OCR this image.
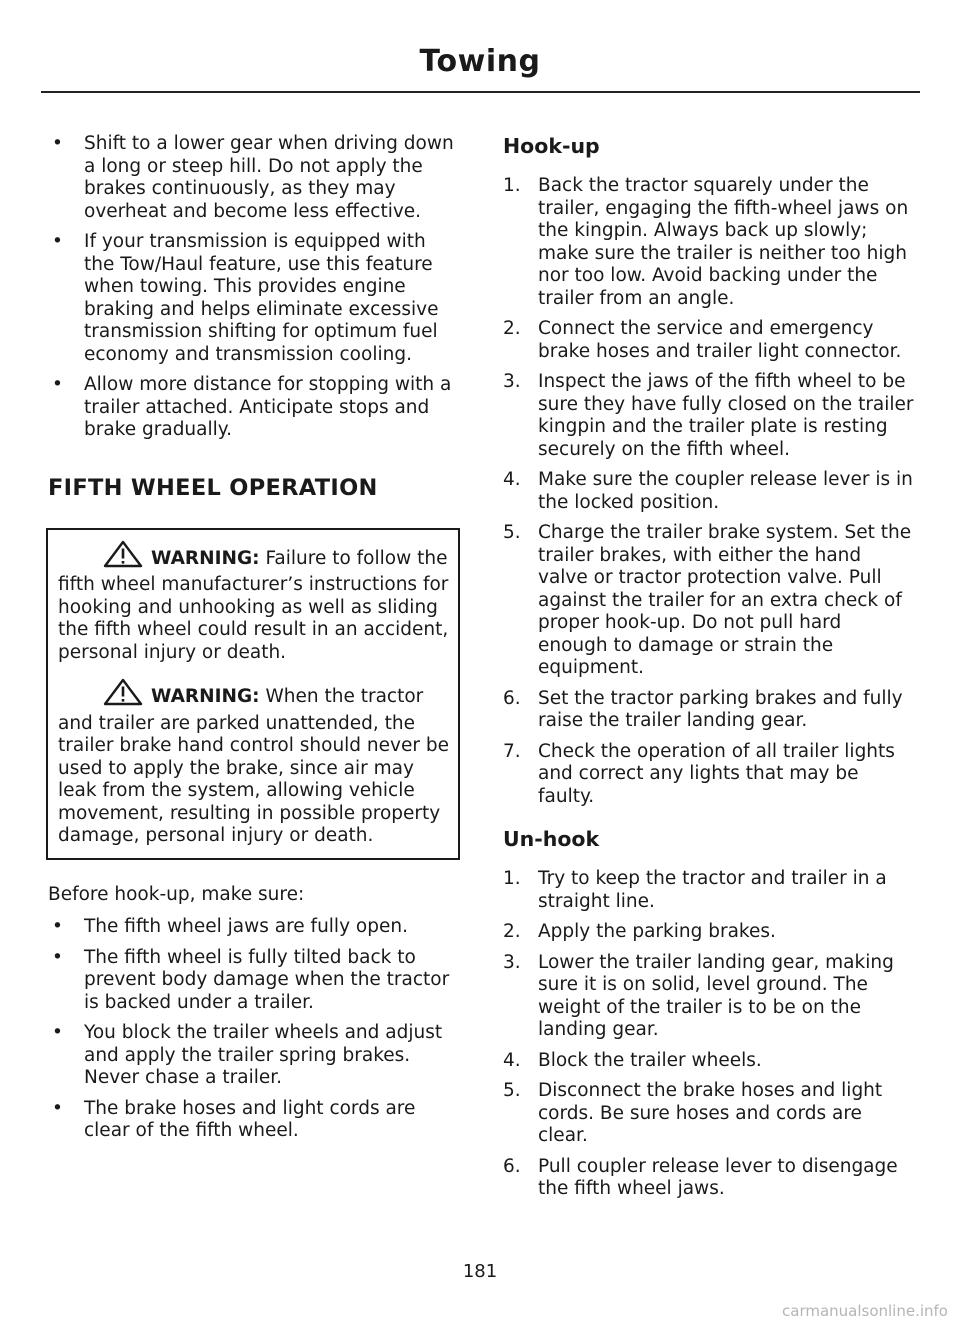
Towing
• Shift to a lower gear when driving down a long or steep hill. Do not apply the brakes continuously, as they may overheat and become less effective.
• If your transmission is equipped with the Tow/Haul feature, use this feature when towing. This provides engine braking and helps eliminate excessive transmission shifting for optimum fuel economy and transmission cooling.
• Allow more distance for stopping with a trailer attached. Anticipate stops and brake gradually.
FIFTH WHEEL OPERATION

WARNING: Failure to follow the fifth wheel manufacturer’s instructions for hooking and unhooking as well as sliding the fifth wheel could result in an accident, personal injury or death.

WARNING: When the tractor and trailer are parked unattended, the trailer brake hand control should never be used to apply the brake, since air may leak from the system, allowing vehicle movement, resulting in possible property damage, personal injury or death.

Before hook-up, make sure:

• The fifth wheel jaws are fully open.
• The fifth wheel is fully tilted back to prevent body damage when the tractor is backed under a trailer.
• You block the trailer wheels and adjust and apply the trailer spring brakes. Never chase a trailer.
• The brake hoses and light cords are clear of the fifth wheel.
Hook-up
1. Back the tractor squarely under the trailer, engaging the fifth-wheel jaws on the kingpin. Always back up slowly; make sure the trailer is neither too high nor too low. Avoid backing under the trailer from an angle.
2. Connect the service and emergency brake hoses and trailer light connector.
3. Inspect the jaws of the fifth wheel to be sure they have fully closed on the trailer kingpin and the trailer plate is resting securely on the fifth wheel.
4. Make sure the coupler release lever is in the locked position.
5. Charge the trailer brake system. Set the trailer brakes, with either the hand valve or tractor protection valve. Pull against the trailer for an extra check of proper hook-up. Do not pull hard enough to damage or strain the equipment.
6. Set the tractor parking brakes and fully raise the trailer landing gear.
7. Check the operation of all trailer lights and correct any lights that may be faulty.
Un-hook
1. Try to keep the tractor and trailer in a straight line.
2. Apply the parking brakes.
3. Lower the trailer landing gear, making sure it is on solid, level ground. The weight of the trailer is to be on the landing gear.
4. Block the trailer wheels.
5. Disconnect the brake hoses and light cords. Be sure hoses and cords are clear.
6. Pull coupler release lever to disengage the fifth wheel jaws.
181
carmanualsonline.info
